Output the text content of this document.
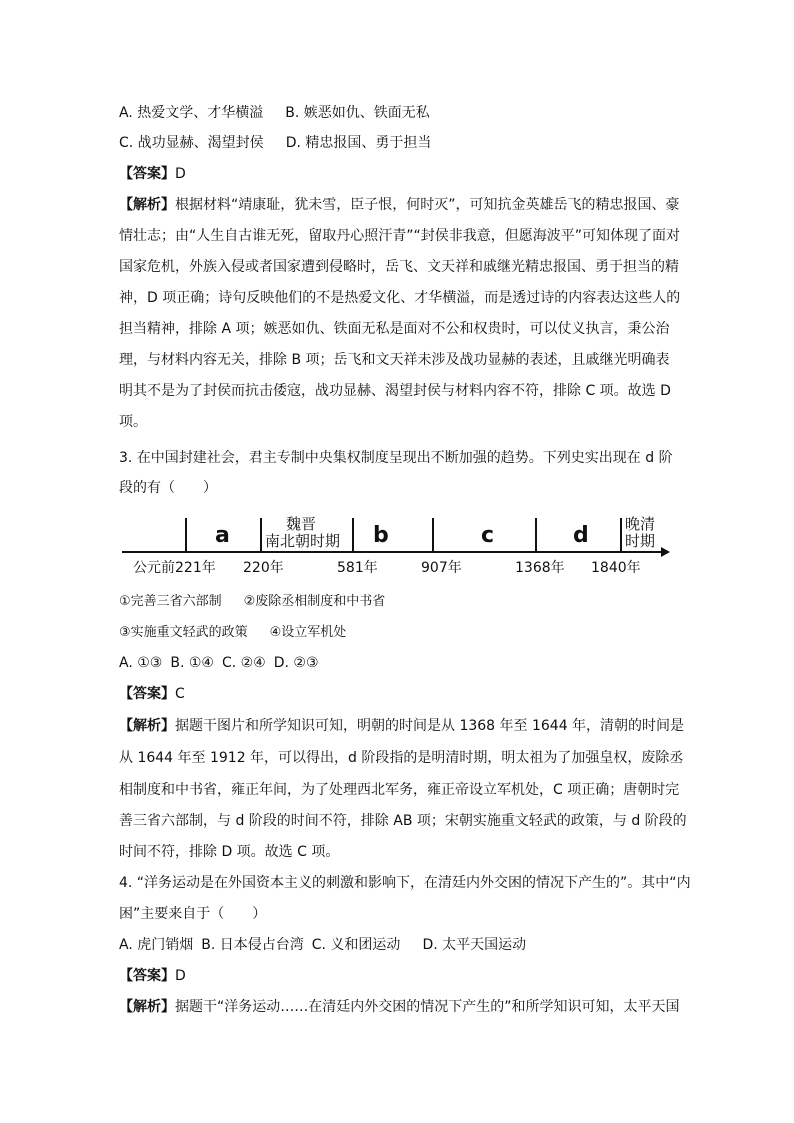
A. 热爱文学、才华横溢 B. 嫉恶如仇、铁面无私
C. 战功显赫、渴望封侯 D. 精忠报国、勇于担当
【答案】D
【解析】根据材料“靖康耻，犹未雪，臣子恨，何时灭”，可知抗金英雄岳飞的精忠报国、豪
情壮志；由“人生自古谁无死，留取丹心照汗青”“封侯非我意，但愿海波平”可知体现了面对
国家危机，外族入侵或者国家遭到侵略时，岳飞、文天祥和戚继光精忠报国、勇于担当的精
神，D 项正确；诗句反映他们的不是热爱文化、才华横溢，而是透过诗的内容表达这些人的
担当精神，排除 A 项；嫉恶如仇、铁面无私是面对不公和权贵时，可以仗义执言，秉公治
理，与材料内容无关，排除 B 项；岳飞和文天祥未涉及战功显赫的表述，且戚继光明确表
明其不是为了封侯而抗击倭寇，战功显赫、渴望封侯与材料内容不符，排除 C 项。故选 D
项。
3. 在中国封建社会，君主专制中央集权制度呈现出不断加强的趋势。下列史实出现在 d 阶
段的有（　　）
a	魏晋
南北朝时期 b	c	d 晚清
时期
公元前221年 220年	581年	907年	1368年 1840年
①完善三省六部制 ②废除丞相制度和中书省
③实施重文轻武的政策 ④设立军机处
A. ①③ B. ①④ C. ②④ D. ②③
【答案】C
【解析】据题干图片和所学知识可知，明朝的时间是从 1368 年至 1644 年，清朝的时间是
从 1644 年至 1912 年，可以得出，d 阶段指的是明清时期，明太祖为了加强皇权，废除丞
相制度和中书省，雍正年间，为了处理西北军务，雍正帝设立军机处，C 项正确；唐朝时完
善三省六部制，与 d 阶段的时间不符，排除 AB 项；宋朝实施重文轻武的政策，与 d 阶段的
时间不符，排除 D 项。故选 C 项。
4. “洋务运动是在外国资本主义的刺激和影响下，在清廷内外交困的情况下产生的”。其中“内
困”主要来自于（　　）
A. 虎门销烟 B. 日本侵占台湾 C. 义和团运动 D. 太平天国运动
【答案】D
【解析】据题干“洋务运动……在清廷内外交困的情况下产生的”和所学知识可知，太平天国
